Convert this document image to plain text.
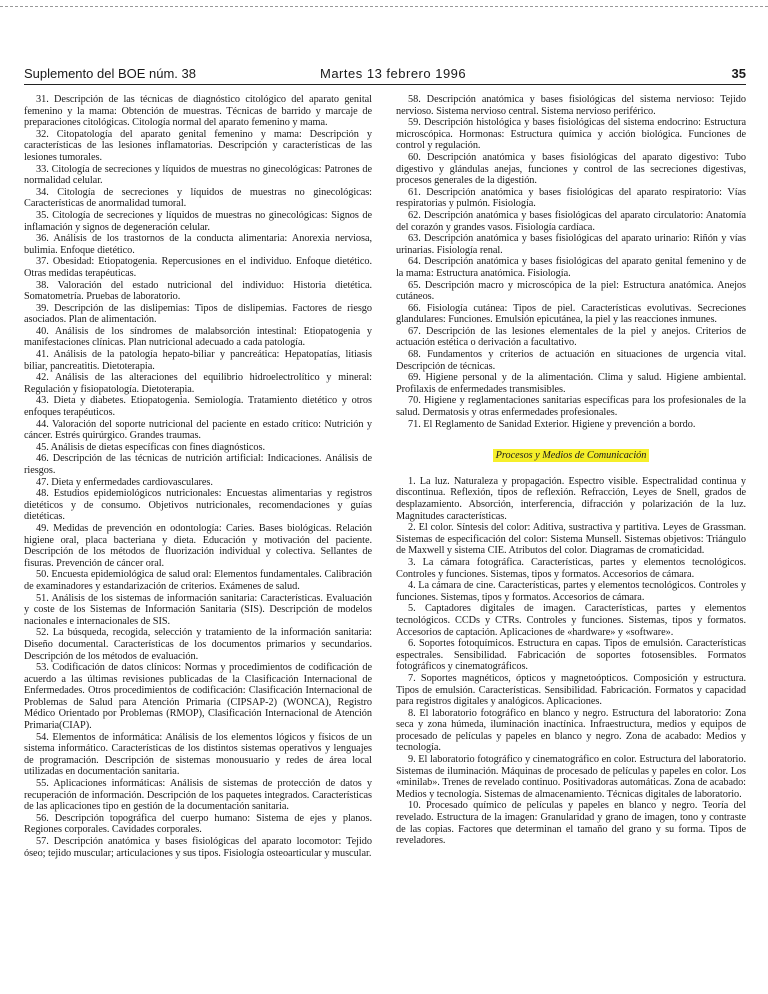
Suplemento del BOE núm. 38	Martes 13 febrero 1996	35

31. Descripción de las técnicas de diagnóstico citológico del aparato genital femenino y la mama: Obtención de muestras. Técnicas de barrido y marcaje de preparaciones citológicas. Citología normal del aparato femenino y mama.

32. Citopatología del aparato genital femenino y mama: Descripción y características de las lesiones inflamatorias. Descripción y características de las lesiones tumorales.

33. Citología de secreciones y líquidos de muestras no ginecológicas: Patrones de normalidad celular.

34. Citología de secreciones y líquidos de muestras no ginecológicas: Características de anormalidad tumoral.

35. Citología de secreciones y líquidos de muestras no ginecológicas: Signos de inflamación y signos de degeneración celular.

36. Análisis de los trastornos de la conducta alimentaria: Anorexia nerviosa, bulimia. Enfoque dietético.

37. Obesidad: Etiopatogenia. Repercusiones en el individuo. Enfoque dietético. Otras medidas terapéuticas.

38. Valoración del estado nutricional del individuo: Historia dietética. Somatometría. Pruebas de laboratorio.

39. Descripción de las dislipemias: Tipos de dislipemias. Factores de riesgo asociados. Plan de alimentación.

40. Análisis de los síndromes de malabsorción intestinal: Etiopatogenia y manifestaciones clínicas. Plan nutricional adecuado a cada patología.

41. Análisis de la patología hepato-biliar y pancreática: Hepatopatías, litiasis biliar, pancreatitis. Dietoterapia.

42. Análisis de las alteraciones del equilibrio hidroelectrolítico y mineral: Regulación y fisiopatología. Dietoterapia.

43. Dieta y diabetes. Etiopatogenia. Semiología. Tratamiento dietético y otros enfoques terapéuticos.

44. Valoración del soporte nutricional del paciente en estado crítico: Nutrición y cáncer. Estrés quirúrgico. Grandes traumas.

45. Análisis de dietas específicas con fines diagnósticos.

46. Descripción de las técnicas de nutrición artificial: Indicaciones. Análisis de riesgos.

47. Dieta y enfermedades cardiovasculares.

48. Estudios epidemiológicos nutricionales: Encuestas alimentarias y registros dietéticos y de consumo. Objetivos nutricionales, recomendaciones y guías dietéticas.

49. Medidas de prevención en odontología: Caries. Bases biológicas. Relación higiene oral, placa bacteriana y dieta. Educación y motivación del paciente. Descripción de los métodos de fluorización individual y colectiva. Sellantes de fisuras. Prevención de cáncer oral.

50. Encuesta epidemiológica de salud oral: Elementos fundamentales. Calibración de examinadores y estandarización de criterios. Exámenes de salud.

51. Análisis de los sistemas de información sanitaria: Características. Evaluación y coste de los Sistemas de Información Sanitaria (SIS). Descripción de modelos nacionales e internacionales de SIS.

52. La búsqueda, recogida, selección y tratamiento de la información sanitaria: Diseño documental. Características de los documentos primarios y secundarios. Descripción de los métodos de evaluación.

53. Codificación de datos clínicos: Normas y procedimientos de codificación de acuerdo a las últimas revisiones publicadas de la Clasificación Internacional de Enfermedades. Otros procedimientos de codificación: Clasificación Internacional de Problemas de Salud para Atención Primaria (CIPSAP-2) (WONCA), Registro Médico Orientado por Problemas (RMOP), Clasificación Internacional de Atención Primaria(CIAP).

54. Elementos de informática: Análisis de los elementos lógicos y físicos de un sistema informático. Características de los distintos sistemas operativos y lenguajes de programación. Descripción de sistemas monousuario y redes de área local utilizadas en documentación sanitaria.

55. Aplicaciones informáticas: Análisis de sistemas de protección de datos y recuperación de información. Descripción de los paquetes integrados. Características de las aplicaciones tipo en gestión de la documentación sanitaria.

56. Descripción topográfica del cuerpo humano: Sistema de ejes y planos. Regiones corporales. Cavidades corporales.

57. Descripción anatómica y bases fisiológicas del aparato locomotor: Tejido óseo; tejido muscular; articulaciones y sus tipos. Fisiología osteoarticular y muscular.

58. Descripción anatómica y bases fisiológicas del sistema nervioso: Tejido nervioso. Sistema nervioso central. Sistema nervioso periférico.

59. Descripción histológica y bases fisiológicas del sistema endocrino: Estructura microscópica. Hormonas: Estructura química y acción biológica. Funciones de control y regulación.

60. Descripción anatómica y bases fisiológicas del aparato digestivo: Tubo digestivo y glándulas anejas, funciones y control de las secreciones digestivas, procesos generales de la digestión.

61. Descripción anatómica y bases fisiológicas del aparato respiratorio: Vías respiratorias y pulmón. Fisiología.

62. Descripción anatómica y bases fisiológicas del aparato circulatorio: Anatomía del corazón y grandes vasos. Fisiología cardíaca.

63. Descripción anatómica y bases fisiológicas del aparato urinario: Riñón y vías urinarias. Fisiología renal.

64. Descripción anatómica y bases fisiológicas del aparato genital femenino y de la mama: Estructura anatómica. Fisiología.

65. Descripción macro y microscópica de la piel: Estructura anatómica. Anejos cutáneos.

66. Fisiología cutánea: Tipos de piel. Características evolutivas. Secreciones glandulares: Funciones. Emulsión epicutánea, la piel y las reacciones inmunes.

67. Descripción de las lesiones elementales de la piel y anejos. Criterios de actuación estética o derivación a facultativo.

68. Fundamentos y criterios de actuación en situaciones de urgencia vital. Descripción de técnicas.

69. Higiene personal y de la alimentación. Clima y salud. Higiene ambiental. Profilaxis de enfermedades transmisibles.

70. Higiene y reglamentaciones sanitarias específicas para los profesionales de la salud. Dermatosis y otras enfermedades profesionales.

71. El Reglamento de Sanidad Exterior. Higiene y prevención a bordo.

Procesos y Medios de Comunicación

1. La luz. Naturaleza y propagación. Espectro visible. Espectralidad continua y discontinua. Reflexión, tipos de reflexión. Refracción, Leyes de Snell, grados de desplazamiento. Absorción, interferencia, difracción y polarización de la luz. Magnitudes características.

2. El color. Síntesis del color: Aditiva, sustractiva y partitiva. Leyes de Grassman. Sistemas de especificación del color: Sistema Munsell. Sistemas objetivos: Triángulo de Maxwell y sistema CIE. Atributos del color. Diagramas de cromaticidad.

3. La cámara fotográfica. Características, partes y elementos tecnológicos. Controles y funciones. Sistemas, tipos y formatos. Accesorios de cámara.

4. La cámara de cine. Características, partes y elementos tecnológicos. Controles y funciones. Sistemas, tipos y formatos. Accesorios de cámara.

5. Captadores digitales de imagen. Características, partes y elementos tecnológicos. CCDs y CTRs. Controles y funciones. Sistemas, tipos y formatos. Accesorios de captación. Aplicaciones de «hardware» y «software».

6. Soportes fotoquímicos. Estructura en capas. Tipos de emulsión. Características espectrales. Sensibilidad. Fabricación de soportes fotosensibles. Formatos fotográficos y cinematográficos.

7. Soportes magnéticos, ópticos y magnetoópticos. Composición y estructura. Tipos de emulsión. Características. Sensibilidad. Fabricación. Formatos y capacidad para registros digitales y analógicos. Aplicaciones.

8. El laboratorio fotográfico en blanco y negro. Estructura del laboratorio: Zona seca y zona húmeda, iluminación inactínica. Infraestructura, medios y equipos de procesado de películas y papeles en blanco y negro. Zona de acabado: Medios y tecnología.

9. El laboratorio fotográfico y cinematográfico en color. Estructura del laboratorio. Sistemas de iluminación. Máquinas de procesado de películas y papeles en color. Los «minilab». Trenes de revelado continuo. Positivadoras automáticas. Zona de acabado: Medios y tecnología. Sistemas de almacenamiento. Técnicas digitales de laboratorio.

10. Procesado químico de películas y papeles en blanco y negro. Teoría del revelado. Estructura de la imagen: Granularidad y grano de imagen, tono y contraste de las copias. Factores que determinan el tamaño del grano y su forma. Tipos de reveladores.
